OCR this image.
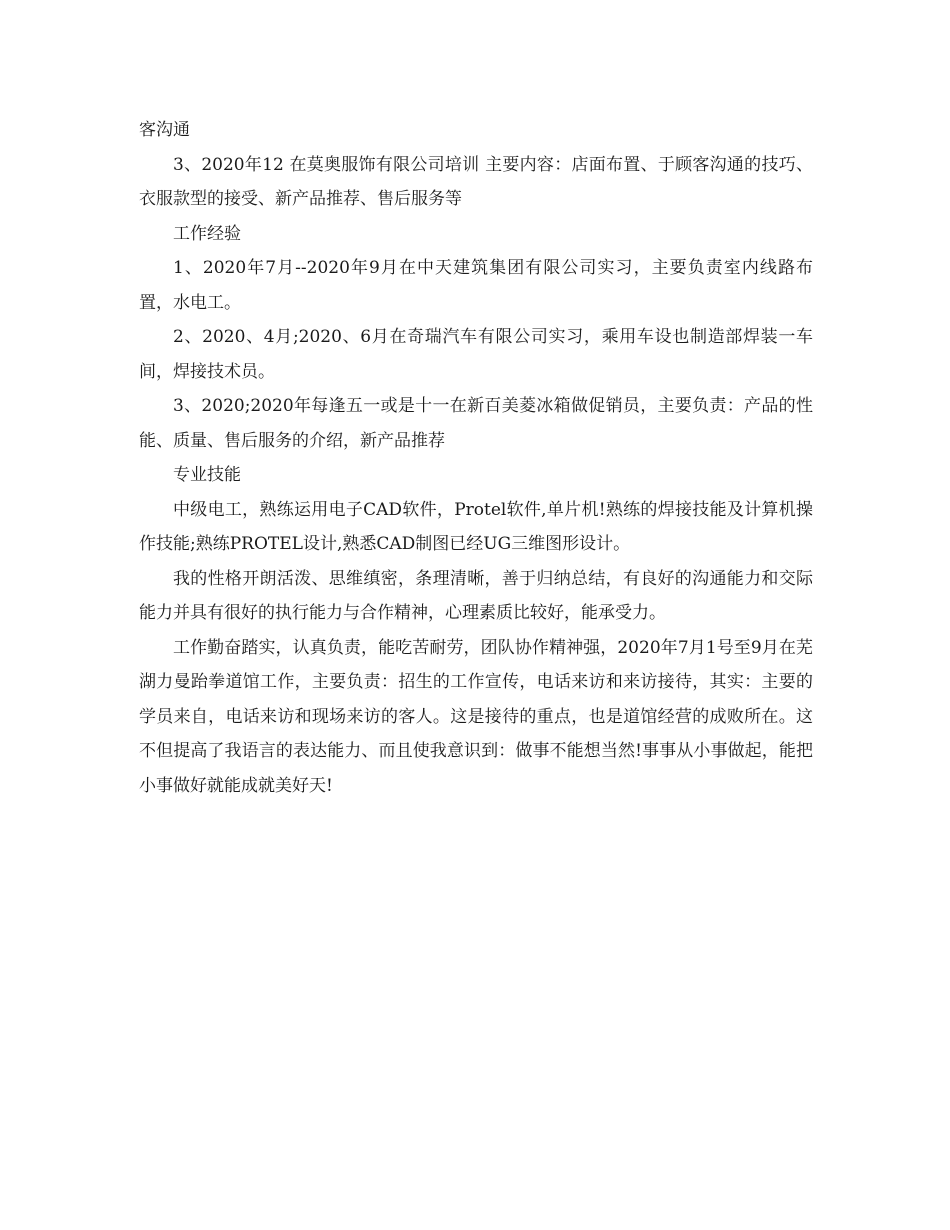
客沟通

3、2020年12 在莫奥服饰有限公司培训 主要内容：店面布置、于顾客沟通的技巧、衣服款型的接受、新产品推荐、售后服务等

工作经验

1、2020年7月--2020年9月在中天建筑集团有限公司实习，主要负责室内线路布置，水电工。

2、2020、4月;2020、6月在奇瑞汽车有限公司实习，乘用车设也制造部焊装一车间，焊接技术员。

3、2020;2020年每逢五一或是十一在新百美菱冰箱做促销员，主要负责：产品的性能、质量、售后服务的介绍，新产品推荐

专业技能

中级电工，熟练运用电子CAD软件，Protel软件,单片机!熟练的焊接技能及计算机操作技能;熟练PROTEL设计,熟悉CAD制图已经UG三维图形设计。

我的性格开朗活泼、思维缜密，条理清晰，善于归纳总结，有良好的沟通能力和交际能力并具有很好的执行能力与合作精神，心理素质比较好，能承受力。

工作勤奋踏实，认真负责，能吃苦耐劳，团队协作精神强，2020年7月1号至9月在芜湖力曼跆拳道馆工作，主要负责：招生的工作宣传，电话来访和来访接待，其实：主要的学员来自，电话来访和现场来访的客人。这是接待的重点，也是道馆经营的成败所在。这不但提高了我语言的表达能力、而且使我意识到：做事不能想当然!事事从小事做起，能把小事做好就能成就美好天!
